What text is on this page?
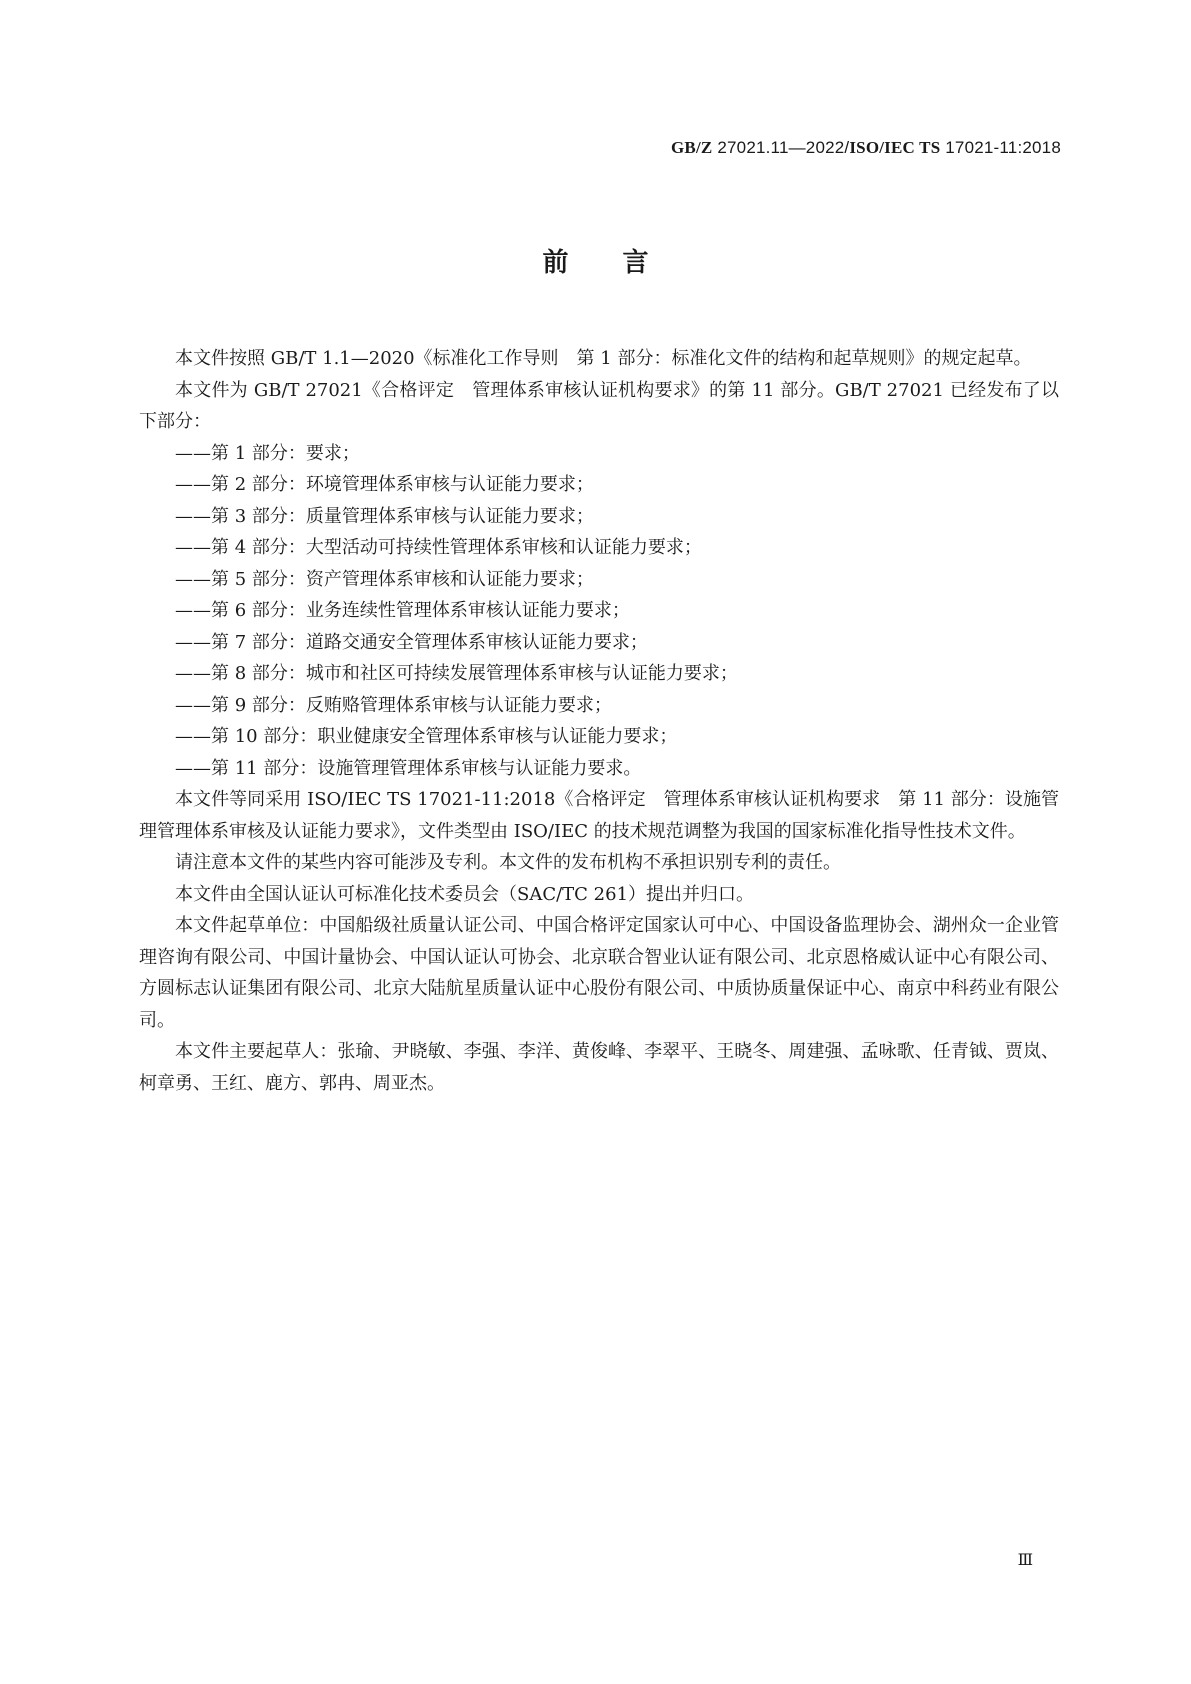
GB/Z 27021.11—2022/ISO/IEC TS 17021-11:2018
前言

本文件按照 GB/T 1.1—2020《标准化工作导则　第 1 部分：标准化文件的结构和起草规则》的规定起草。

本文件为 GB/T 27021《合格评定　管理体系审核认证机构要求》的第 11 部分。GB/T 27021 已经发布了以下部分：

——第 1 部分：要求；

——第 2 部分：环境管理体系审核与认证能力要求；

——第 3 部分：质量管理体系审核与认证能力要求；

——第 4 部分：大型活动可持续性管理体系审核和认证能力要求；

——第 5 部分：资产管理体系审核和认证能力要求；

——第 6 部分：业务连续性管理体系审核认证能力要求；

——第 7 部分：道路交通安全管理体系审核认证能力要求；

——第 8 部分：城市和社区可持续发展管理体系审核与认证能力要求；

——第 9 部分：反贿赂管理体系审核与认证能力要求；

——第 10 部分：职业健康安全管理体系审核与认证能力要求；

——第 11 部分：设施管理管理体系审核与认证能力要求。

本文件等同采用 ISO/IEC TS 17021-11:2018《合格评定　管理体系审核认证机构要求　第 11 部分：设施管理管理体系审核及认证能力要求》，文件类型由 ISO/IEC 的技术规范调整为我国的国家标准化指导性技术文件。

请注意本文件的某些内容可能涉及专利。本文件的发布机构不承担识别专利的责任。

本文件由全国认证认可标准化技术委员会（SAC/TC 261）提出并归口。

本文件起草单位：中国船级社质量认证公司、中国合格评定国家认可中心、中国设备监理协会、湖州众一企业管理咨询有限公司、中国计量协会、中国认证认可协会、北京联合智业认证有限公司、北京恩格威认证中心有限公司、方圆标志认证集团有限公司、北京大陆航星质量认证中心股份有限公司、中质协质量保证中心、南京中科药业有限公司。

本文件主要起草人：张瑜、尹晓敏、李强、李洋、黄俊峰、李翠平、王晓冬、周建强、孟咏歌、任青钺、贾岚、柯章勇、王红、鹿方、郭冉、周亚杰。

Ⅲ
